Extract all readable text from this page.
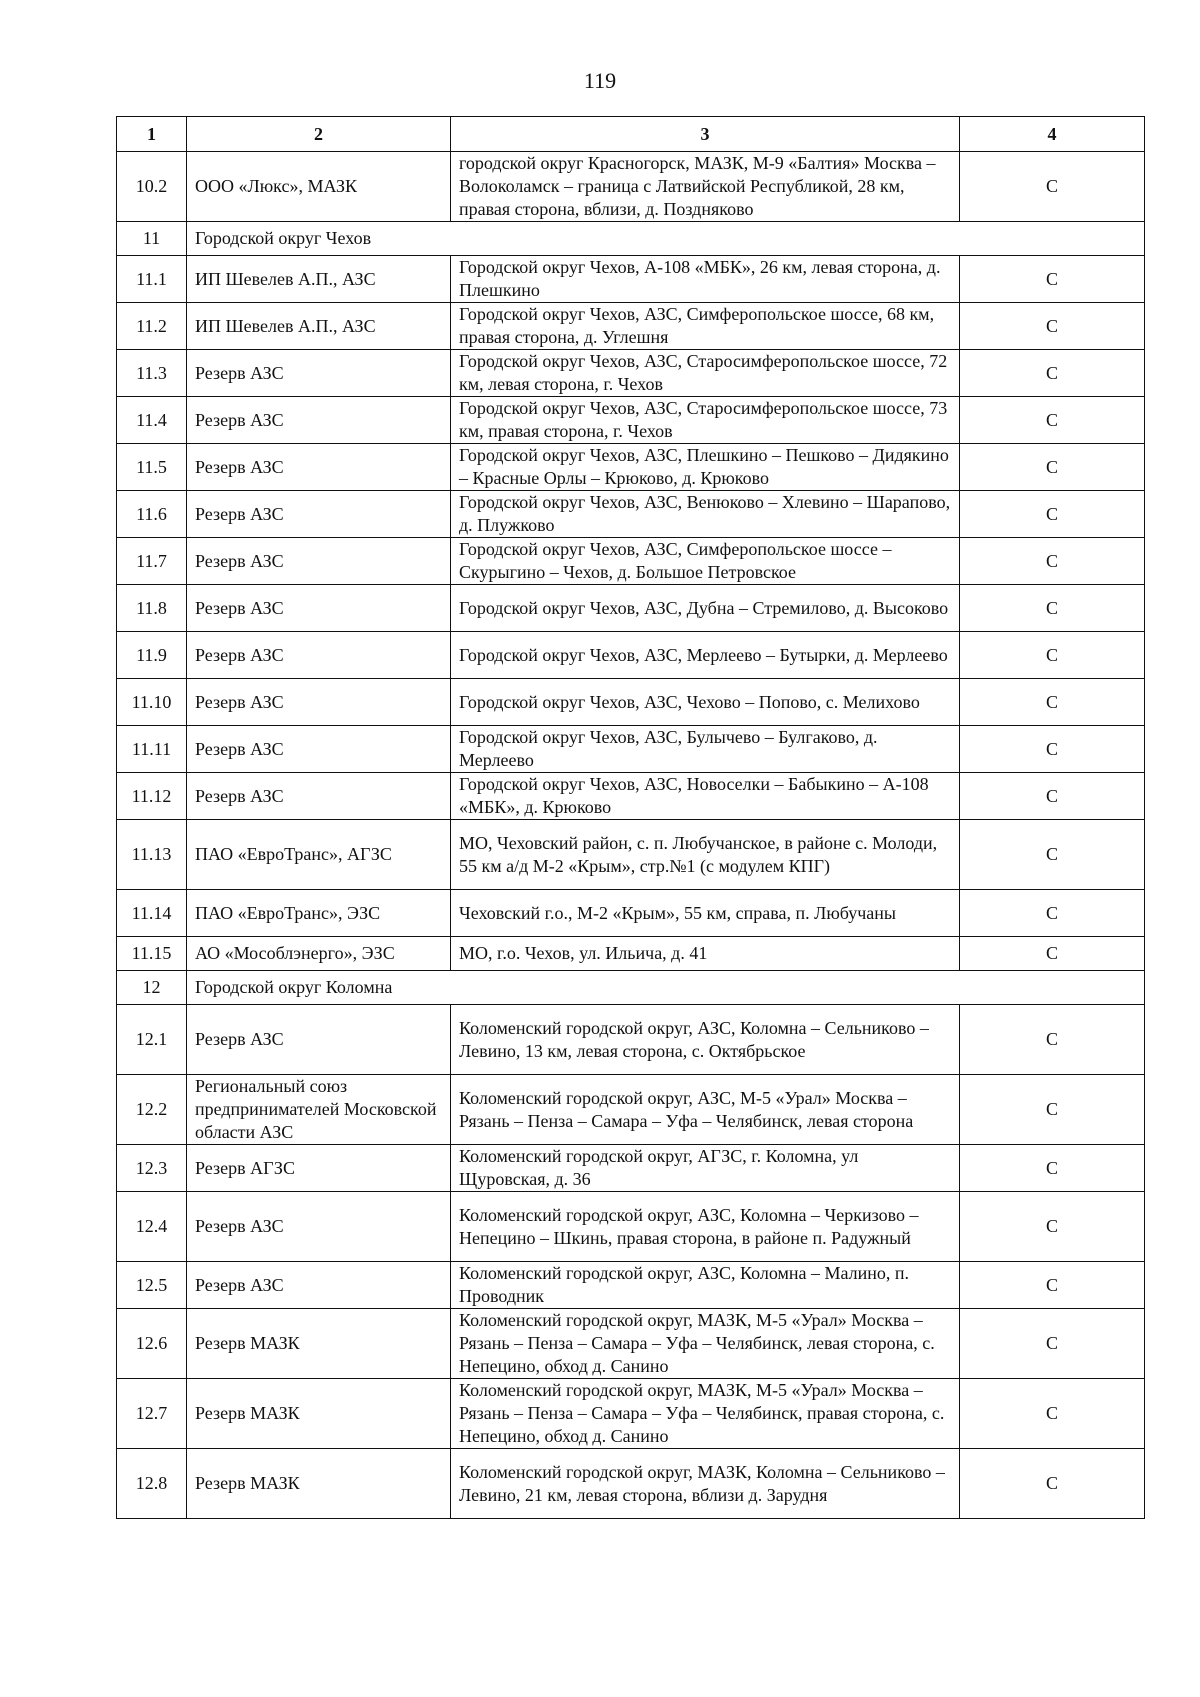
119
1	2	3	4
10.2	ООО «Люкс», МАЗК	городской округ Красногорск, МАЗК, М-9 «Балтия» Москва – Волоколамск – граница с Латвийской Республикой, 28 км, правая сторона, вблизи, д. Поздняково	С
11	Городской округ Чехов		
11.1	ИП Шевелев А.П., АЗС	Городской округ Чехов, А-108 «МБК», 26 км, левая сторона, д. Плешкино	С
11.2	ИП Шевелев А.П., АЗС	Городской округ Чехов, АЗС, Симферопольское шоссе, 68 км, правая сторона, д. Углешня	С
11.3	Резерв АЗС	Городской округ Чехов, АЗС, Старосимферопольское шоссе, 72 км, левая сторона, г. Чехов	С
11.4	Резерв АЗС	Городской округ Чехов, АЗС, Старосимферопольское шоссе, 73 км, правая сторона, г. Чехов	С
11.5	Резерв АЗС	Городской округ Чехов, АЗС, Плешкино – Пешково – Дидякино – Красные Орлы – Крюково, д. Крюково	С
11.6	Резерв АЗС	Городской округ Чехов, АЗС, Венюково – Хлевино – Шарапово, д. Плужково	С
11.7	Резерв АЗС	Городской округ Чехов, АЗС, Симферопольское шоссе – Скурыгино – Чехов, д. Большое Петровское	С
11.8	Резерв АЗС	Городской округ Чехов, АЗС, Дубна – Стремилово, д. Высоково	С
11.9	Резерв АЗС	Городской округ Чехов, АЗС, Мерлеево – Бутырки, д. Мерлеево	С
11.10	Резерв АЗС	Городской округ Чехов, АЗС, Чехово – Попово, с. Мелихово	С
11.11	Резерв АЗС	Городской округ Чехов, АЗС, Булычево – Булгаково, д. Мерлеево	С
11.12	Резерв АЗС	Городской округ Чехов, АЗС, Новоселки – Бабыкино – А-108 «МБК», д. Крюково	С
11.13	ПАО «ЕвроТранс», АГЗС	МО, Чеховский район, с. п. Любучанское, в районе с. Молоди, 55 км а/д М-2 «Крым», стр.№1 (с модулем КПГ)	С
11.14	ПАО «ЕвроТранс», ЭЗС	Чеховский г.о., М-2 «Крым», 55 км, справа, п. Любучаны	С
11.15	АО «Мособлэнерго», ЭЗС	МО, г.о. Чехов, ул. Ильича, д. 41	С
12	Городской округ Коломна		
12.1	Резерв АЗС	Коломенский городской округ, АЗС, Коломна – Сельниково – Левино, 13 км, левая сторона, с. Октябрьское	С
12.2	Региональный союз предпринимателей Московской области АЗС	Коломенский городской округ, АЗС, М-5 «Урал» Москва – Рязань – Пенза – Самара – Уфа – Челябинск, левая сторона	С
12.3	Резерв АГЗС	Коломенский городской округ, АГЗС, г. Коломна, ул Щуровская, д. 36	С
12.4	Резерв АЗС	Коломенский городской округ, АЗС, Коломна – Черкизово – Непецино – Шкинь, правая сторона, в районе п. Радужный	С
12.5	Резерв АЗС	Коломенский городской округ, АЗС, Коломна – Малино, п. Проводник	С
12.6	Резерв МАЗК	Коломенский городской округ, МАЗК, М-5 «Урал» Москва – Рязань – Пенза – Самара – Уфа – Челябинск, левая сторона, с. Непецино, обход д. Санино	С
12.7	Резерв МАЗК	Коломенский городской округ, МАЗК, М-5 «Урал» Москва – Рязань – Пенза – Самара – Уфа – Челябинск, правая сторона, с. Непецино, обход д. Санино	С
12.8	Резерв МАЗК	Коломенский городской округ, МАЗК, Коломна – Сельниково – Левино, 21 км, левая сторона, вблизи д. Зарудня	С
